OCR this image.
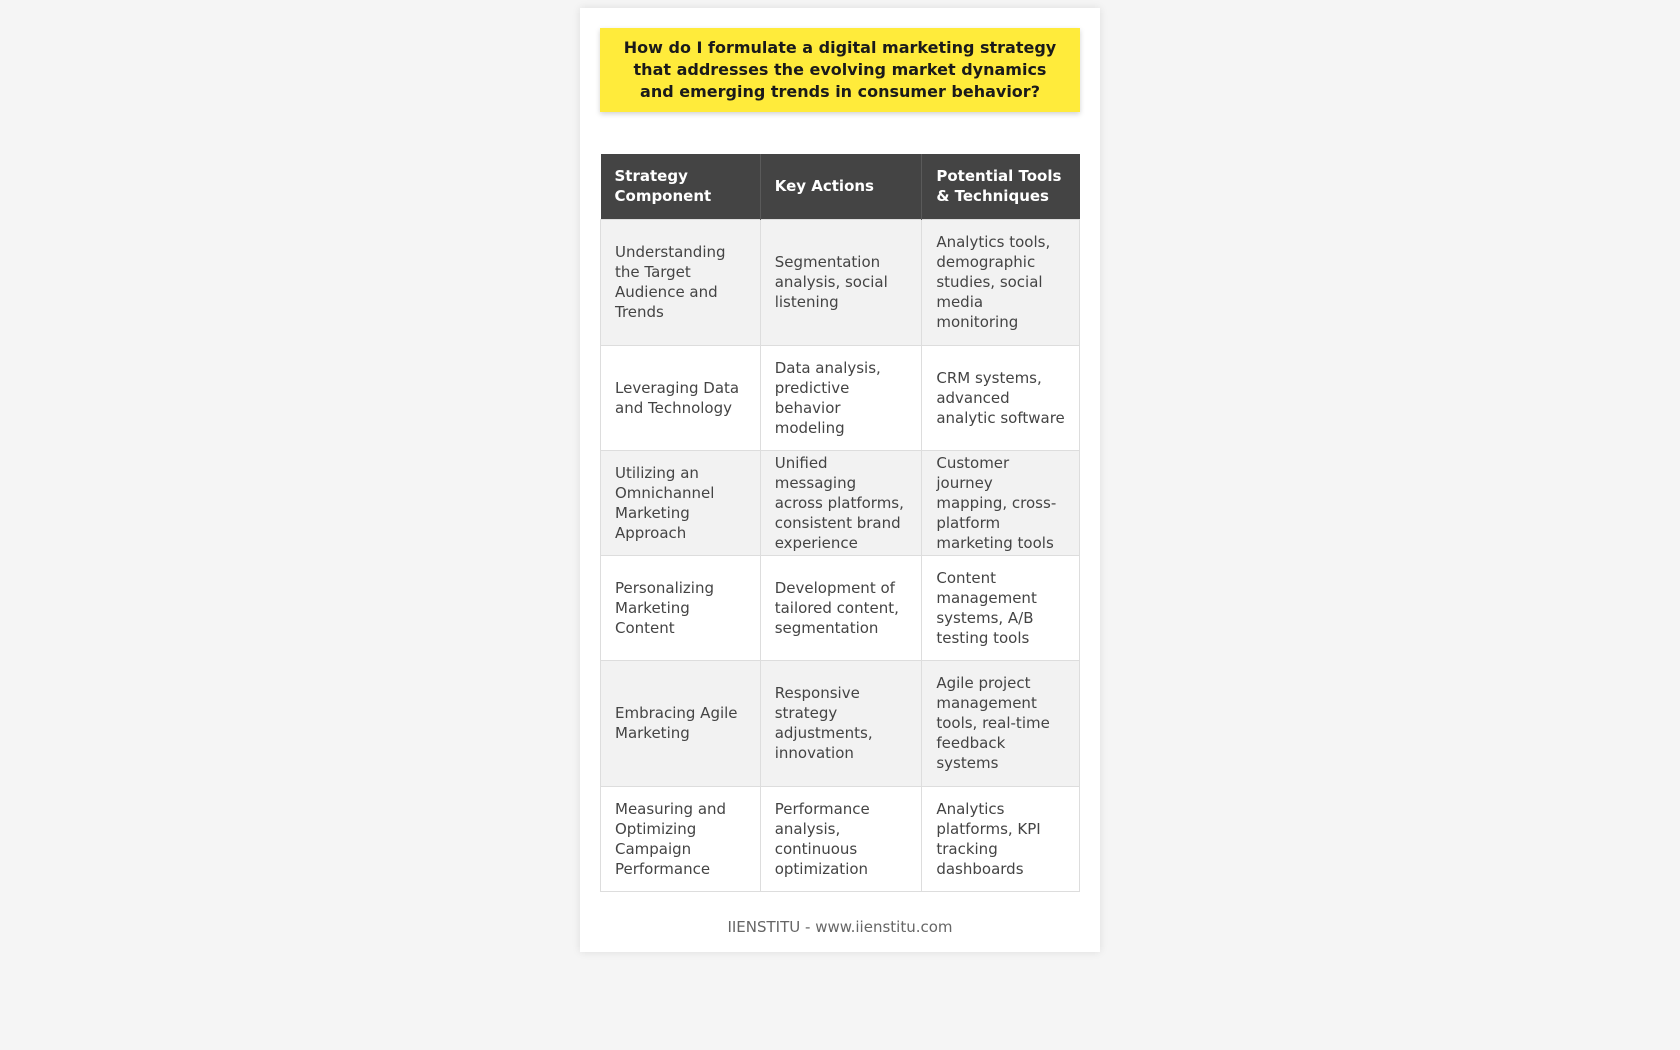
How do I formulate a digital marketing strategy that addresses the evolving market dynamics and emerging trends in consumer behavior?
Strategy Component	Key Actions	Potential Tools & Techniques
Understanding the Target Audience and Trends	Segmentation analysis, social listening	Analytics tools, demographic studies, social media monitoring
Leveraging Data and Technology	Data analysis, predictive behavior modeling	CRM systems, advanced analytic software
Utilizing an Omnichannel Marketing Approach	Unified messaging across platforms, consistent brand experience	Customer journey mapping, cross-platform marketing tools
Personalizing Marketing Content	Development of tailored content, segmentation	Content management systems, A/B testing tools
Embracing Agile Marketing	Responsive strategy adjustments, innovation	Agile project management tools, real-time feedback systems
Measuring and Optimizing Campaign Performance	Performance analysis, continuous optimization	Analytics platforms, KPI tracking dashboards
IIENSTITU - www.iienstitu.com
